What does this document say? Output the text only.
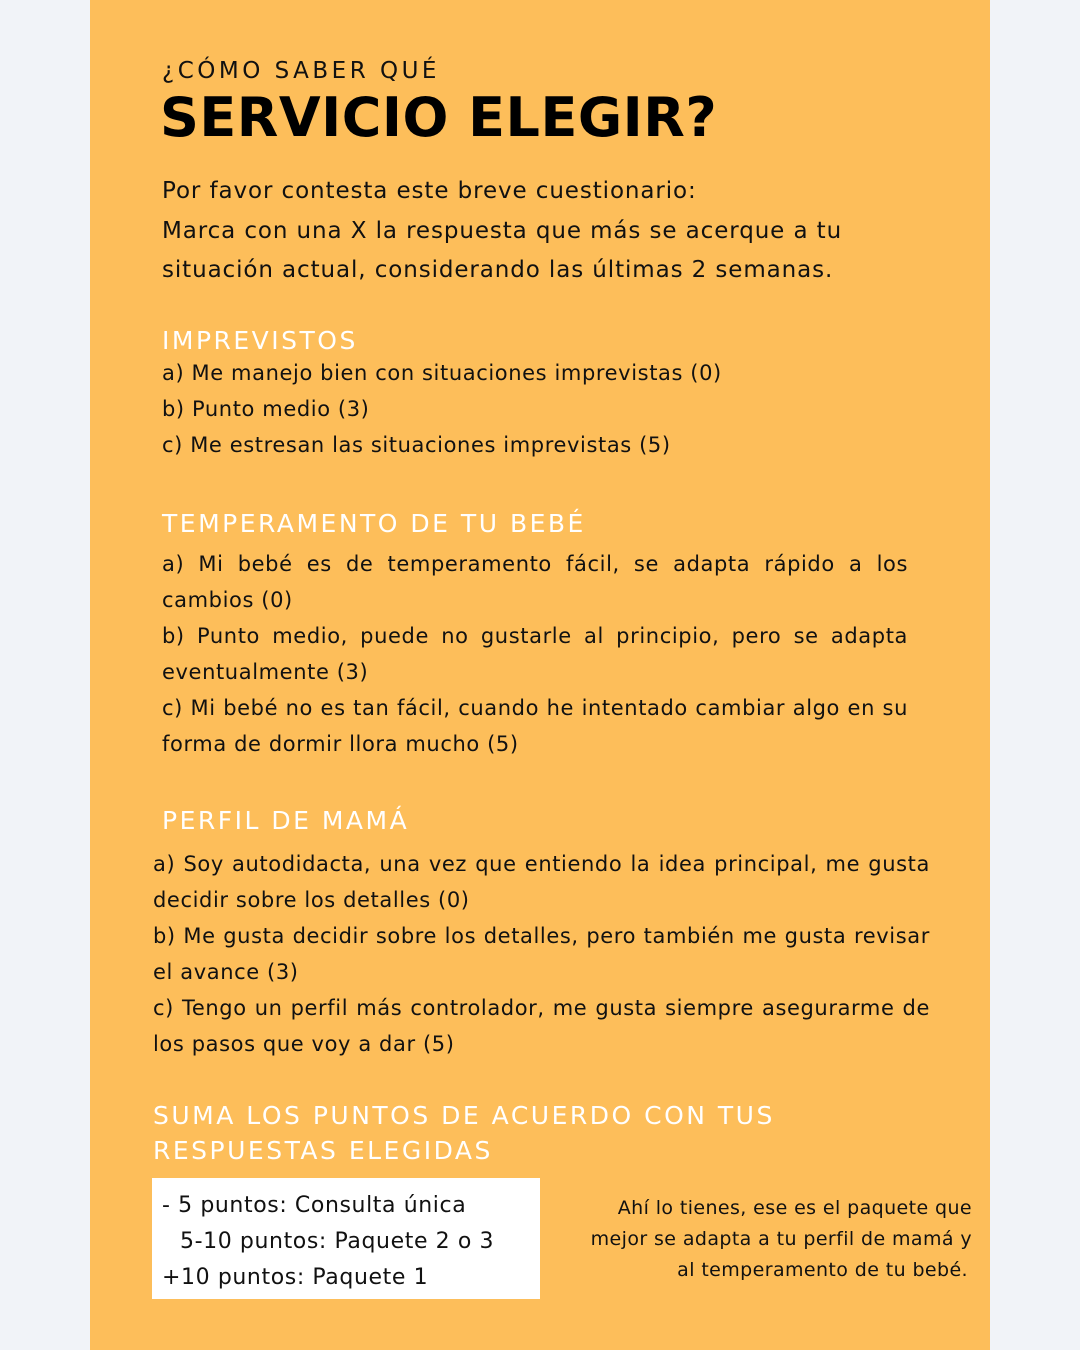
¿CÓMO SABER QUÉ
SERVICIO ELEGIR?
Por favor contesta este breve cuestionario:
Marca con una X la respuesta que más se acerque a tu
situación actual, considerando las últimas 2 semanas.
IMPREVISTOS
a) Me manejo bien con situaciones imprevistas (0)
b) Punto medio (3)
c) Me estresan las situaciones imprevistas (5)
TEMPERAMENTO DE TU BEBÉ
a) Mi bebé es de temperamento fácil, se adapta rápido a los cambios (0)
b) Punto medio, puede no gustarle al principio, pero se adapta eventualmente (3)
c) Mi bebé no es tan fácil, cuando he intentado cambiar algo en su forma de dormir llora mucho (5)
PERFIL DE MAMÁ
a) Soy autodidacta, una vez que entiendo la idea principal, me gusta decidir sobre los detalles (0)
b) Me gusta decidir sobre los detalles, pero también me gusta revisar el avance (3)
c) Tengo un perfil más controlador, me gusta siempre asegurarme de los pasos que voy a dar (5)
SUMA LOS PUNTOS DE ACUERDO CON TUS
RESPUESTAS ELEGIDAS
- 5 puntos: Consulta única
5-10 puntos: Paquete 2 o 3
+10 puntos: Paquete 1
Ahí lo tienes, ese es el paquete que
mejor se adapta a tu perfil de mamá y
al temperamento de tu bebé.
